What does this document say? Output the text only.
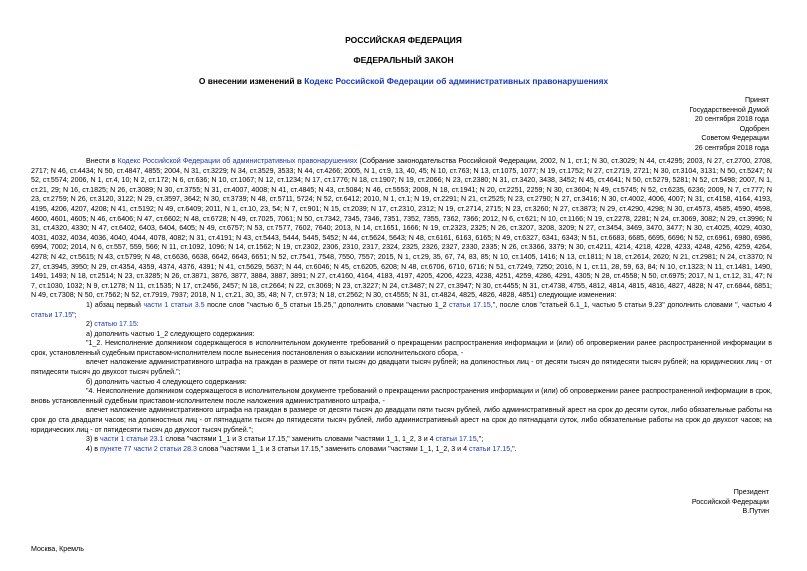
РОССИЙСКАЯ ФЕДЕРАЦИЯ
ФЕДЕРАЛЬНЫЙ ЗАКОН
О внесении изменений в Кодекс Российской Федерации об административных правонарушениях
Принят
Государственной Думой
20 сентября 2018 года
Одобрен
Советом Федерации
26 сентября 2018 года

Внести в Кодекс Российской Федерации об административных правонарушениях (Собрание законодательства Российской Федерации, 2002, N 1, ст.1; N 30, ст.3029; N 44, ст.4295; 2003, N 27, ст.2700, 2708, 2717; N 46, ст.4434; N 50, ст.4847, 4855; 2004, N 31, ст.3229; N 34, ст.3529, 3533; N 44, ст.4266; 2005, N 1, ст.9, 13, 40, 45; N 10, ст.763; N 13, ст.1075, 1077; N 19, ст.1752; N 27, ст.2719, 2721; N 30, ст.3104, 3131; N 50, ст.5247; N 52, ст.5574; 2006, N 1, ст.4, 10; N 2, ст.172; N 6, ст.636; N 10, ст.1067; N 12, ст.1234; N 17, ст.1776; N 18, ст.1907; N 19, ст.2066; N 23, ст.2380; N 31, ст.3420, 3438, 3452; N 45, ст.4641; N 50, ст.5279, 5281; N 52, ст.5498; 2007, N 1, ст.21, 29; N 16, ст.1825; N 26, ст.3089; N 30, ст.3755; N 31, ст.4007, 4008; N 41, ст.4845; N 43, ст.5084; N 46, ст.5553; 2008, N 18, ст.1941; N 20, ст.2251, 2259; N 30, ст.3604; N 49, ст.5745; N 52, ст.6235, 6236; 2009, N 7, ст.777; N 23, ст.2759; N 26, ст.3120, 3122; N 29, ст.3597, 3642; N 30, ст.3739; N 48, ст.5711, 5724; N 52, ст.6412; 2010, N 1, ст.1; N 19, ст.2291; N 21, ст.2525; N 23, ст.2790; N 27, ст.3416; N 30, ст.4002, 4006, 4007; N 31, ст.4158, 4164, 4193, 4195, 4206, 4207, 4208; N 41, ст.5192; N 49, ст.6409; 2011, N 1, ст.10, 23, 54; N 7, ст.901; N 15, ст.2039; N 17, ст.2310, 2312; N 19, ст.2714, 2715; N 23, ст.3260; N 27, ст.3873; N 29, ст.4290, 4298; N 30, ст.4573, 4585, 4590, 4598, 4600, 4601, 4605; N 46, ст.6406; N 47, ст.6602; N 48, ст.6728; N 49, ст.7025, 7061; N 50, ст.7342, 7345, 7346, 7351, 7352, 7355, 7362, 7366; 2012, N 6, ст.621; N 10, ст.1166; N 19, ст.2278, 2281; N 24, ст.3069, 3082; N 29, ст.3996; N 31, ст.4320, 4330; N 47, ст.6402, 6403, 6404, 6405; N 49, ст.6757; N 53, ст.7577, 7602, 7640; 2013, N 14, ст.1651, 1666; N 19, ст.2323, 2325; N 26, ст.3207, 3208, 3209; N 27, ст.3454, 3469, 3470, 3477; N 30, ст.4025, 4029, 4030, 4031, 4032, 4034, 4036, 4040, 4044, 4078, 4082; N 31, ст.4191; N 43, ст.5443, 5444, 5445, 5452; N 44, ст.5624, 5643; N 48, ст.6161, 6163, 6165; N 49, ст.6327, 6341, 6343; N 51, ст.6683, 6685, 6695, 6696; N 52, ст.6961, 6980, 6986, 6994, 7002; 2014, N 6, ст.557, 559, 566; N 11, ст.1092, 1096; N 14, ст.1562; N 19, ст.2302, 2306, 2310, 2317, 2324, 2325, 2326, 2327, 2330, 2335; N 26, ст.3366, 3379; N 30, ст.4211, 4214, 4218, 4228, 4233, 4248, 4256, 4259, 4264, 4278; N 42, ст.5615; N 43, ст.5799; N 48, ст.6636, 6638, 6642, 6643, 6651; N 52, ст.7541, 7548, 7550, 7557; 2015, N 1, ст.29, 35, 67, 74, 83, 85; N 10, ст.1405, 1416; N 13, ст.1811; N 18, ст.2614, 2620; N 21, ст.2981; N 24, ст.3370; N 27, ст.3945, 3950; N 29, ст.4354, 4359, 4374, 4376, 4391; N 41, ст.5629, 5637; N 44, ст.6046; N 45, ст.6205, 6208; N 48, ст.6706, 6710, 6716; N 51, ст.7249, 7250; 2016, N 1, ст.11, 28, 59, 63, 84; N 10, ст.1323; N 11, ст.1481, 1490, 1491, 1493; N 18, ст.2514; N 23, ст.3285; N 26, ст.3871, 3876, 3877, 3884, 3887, 3891; N 27, ст.4160, 4164, 4183, 4197, 4205, 4206, 4223, 4238, 4251, 4259, 4286, 4291, 4305; N 28, ст.4558; N 50, ст.6975; 2017, N 1, ст.12, 31, 47; N 7, ст.1030, 1032; N 9, ст.1278; N 11, ст.1535; N 17, ст.2456, 2457; N 18, ст.2664; N 22, ст.3069; N 23, ст.3227; N 24, ст.3487; N 27, ст.3947; N 30, ст.4455; N 31, ст.4738, 4755, 4812, 4814, 4815, 4816, 4827, 4828; N 47, ст.6844, 6851; N 49, ст.7308; N 50, ст.7562; N 52, ст.7919, 7937; 2018, N 1, ст.21, 30, 35, 48; N 7, ст.973; N 18, ст.2562; N 30, ст.4555; N 31, ст.4824, 4825, 4826, 4828, 4851) следующие изменения:

1) абзац первый части 1 статьи 3.5 после слов "частью 6_5 статьи 15.25," дополнить словами "частью 1_2 статьи 17.15,", после слов "статьей 6.1_1, частью 5 статьи 9.23" дополнить словами ", частью 4 статьи 17.15";

2) статью 17.15:

а) дополнить частью 1_2 следующего содержания:

"1_2. Неисполнение должником содержащегося в исполнительном документе требований о прекращении распространения информации и (или) об опровержении ранее распространенной информации в срок, установленный судебным приставом-исполнителем после вынесения постановления о взыскании исполнительского сбора, -

влечет наложение административного штрафа на граждан в размере от пяти тысяч до двадцати тысяч рублей; на должностных лиц - от десяти тысяч до пятидесяти тысяч рублей; на юридических лиц - от пятидесяти тысяч до двухсот тысяч рублей.";

б) дополнить частью 4 следующего содержания:

"4. Неисполнение должником содержащегося в исполнительном документе требований о прекращении распространения информации и (или) об опровержении ранее распространенной информации в срок, вновь установленный судебным приставом-исполнителем после наложения административного штрафа, -

влечет наложение административного штрафа на граждан в размере от десяти тысяч до двадцати пяти тысяч рублей, либо административный арест на срок до десяти суток, либо обязательные работы на срок до ста двадцати часов; на должностных лиц - от пятнадцати тысяч до пятидесяти тысяч рублей, либо административный арест на срок до пятнадцати суток, либо обязательные работы на срок до двухсот часов; на юридических лиц - от пятидесяти тысяч до двухсот тысяч рублей.";

3) в части 1 статьи 23.1 слова "частями 1_1 и 3 статьи 17.15," заменить словами "частями 1_1, 1_2, 3 и 4 статьи 17.15,";

4) в пункте 77 части 2 статьи 28.3 слова "частями 1_1 и 3 статьи 17.15," заменить словами "частями 1_1, 1_2, 3 и 4 статьи 17.15,".

Президент
Российской Федерации
В.Путин
Москва, Кремль
